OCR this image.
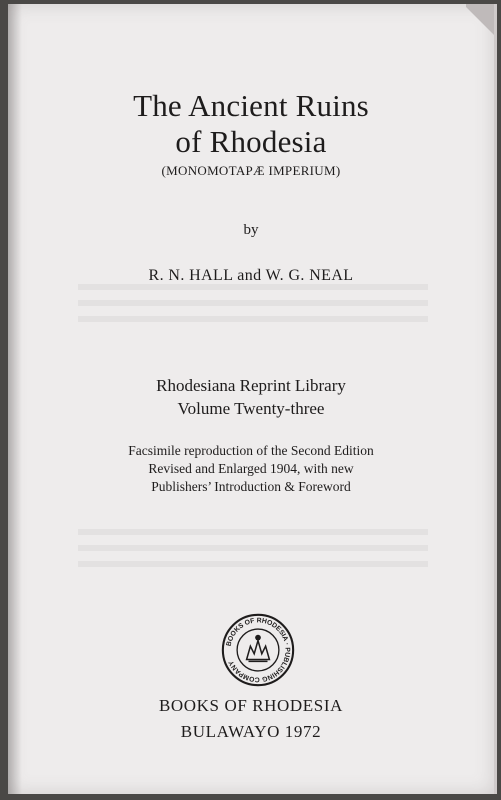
The Ancient Ruins
of Rhodesia
(MONOMOTAPÆ IMPERIUM)
by
R. N. HALL and W. G. NEAL
Rhodesiana Reprint Library
Volume Twenty-three
Facsimile reproduction of the Second Edition
Revised and Enlarged 1904, with new
Publishers’ Introduction & Foreword
BOOKS OF RHODESIA · PUBLISHING COMPANY
BOOKS OF RHODESIA
BULAWAYO 1972
